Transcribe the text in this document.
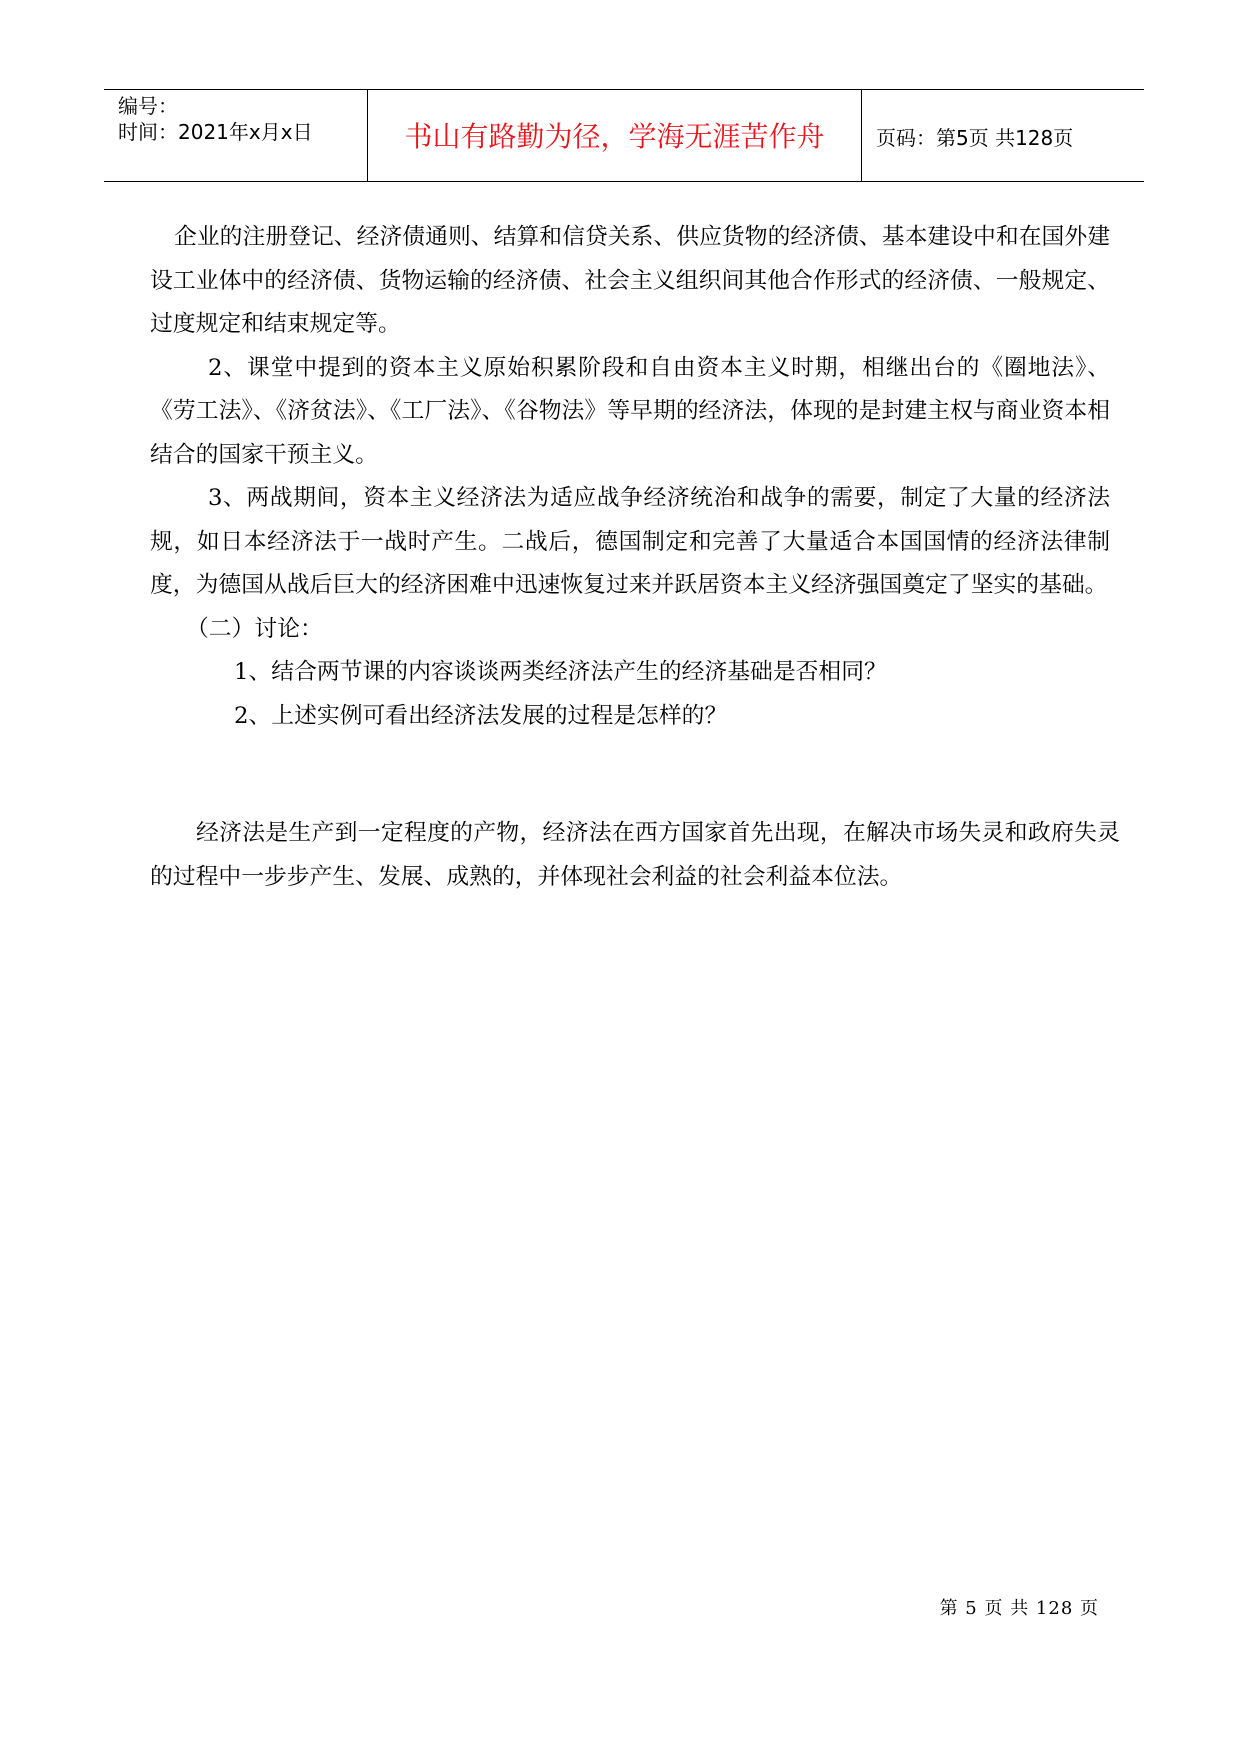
编号：
时间：2021年x月x日	书山有路勤为径，学海无涯苦作舟	页码：第5页 共128页

企业的注册登记、经济债通则、结算和信贷关系、供应货物的经济债、基本建设中和在国外建设工业体中的经济债、货物运输的经济债、社会主义组织间其他合作形式的经济债、一般规定、过度规定和结束规定等。

2、课堂中提到的资本主义原始积累阶段和自由资本主义时期，相继出台的《圈地法》、《劳工法》、《济贫法》、《工厂法》、《谷物法》等早期的经济法，体现的是封建主权与商业资本相结合的国家干预主义。

3、两战期间，资本主义经济法为适应战争经济统治和战争的需要，制定了大量的经济法规，如日本经济法于一战时产生。二战后，德国制定和完善了大量适合本国国情的经济法律制度，为德国从战后巨大的经济困难中迅速恢复过来并跃居资本主义经济强国奠定了坚实的基础。

（二）讨论：

1、结合两节课的内容谈谈两类经济法产生的经济基础是否相同？

2、上述实例可看出经济法发展的过程是怎样的？

经济法是生产到一定程度的产物，经济法在西方国家首先出现，在解决市场失灵和政府失灵的过程中一步步产生、发展、成熟的，并体现社会利益的社会利益本位法。

第 5 页 共 128 页
